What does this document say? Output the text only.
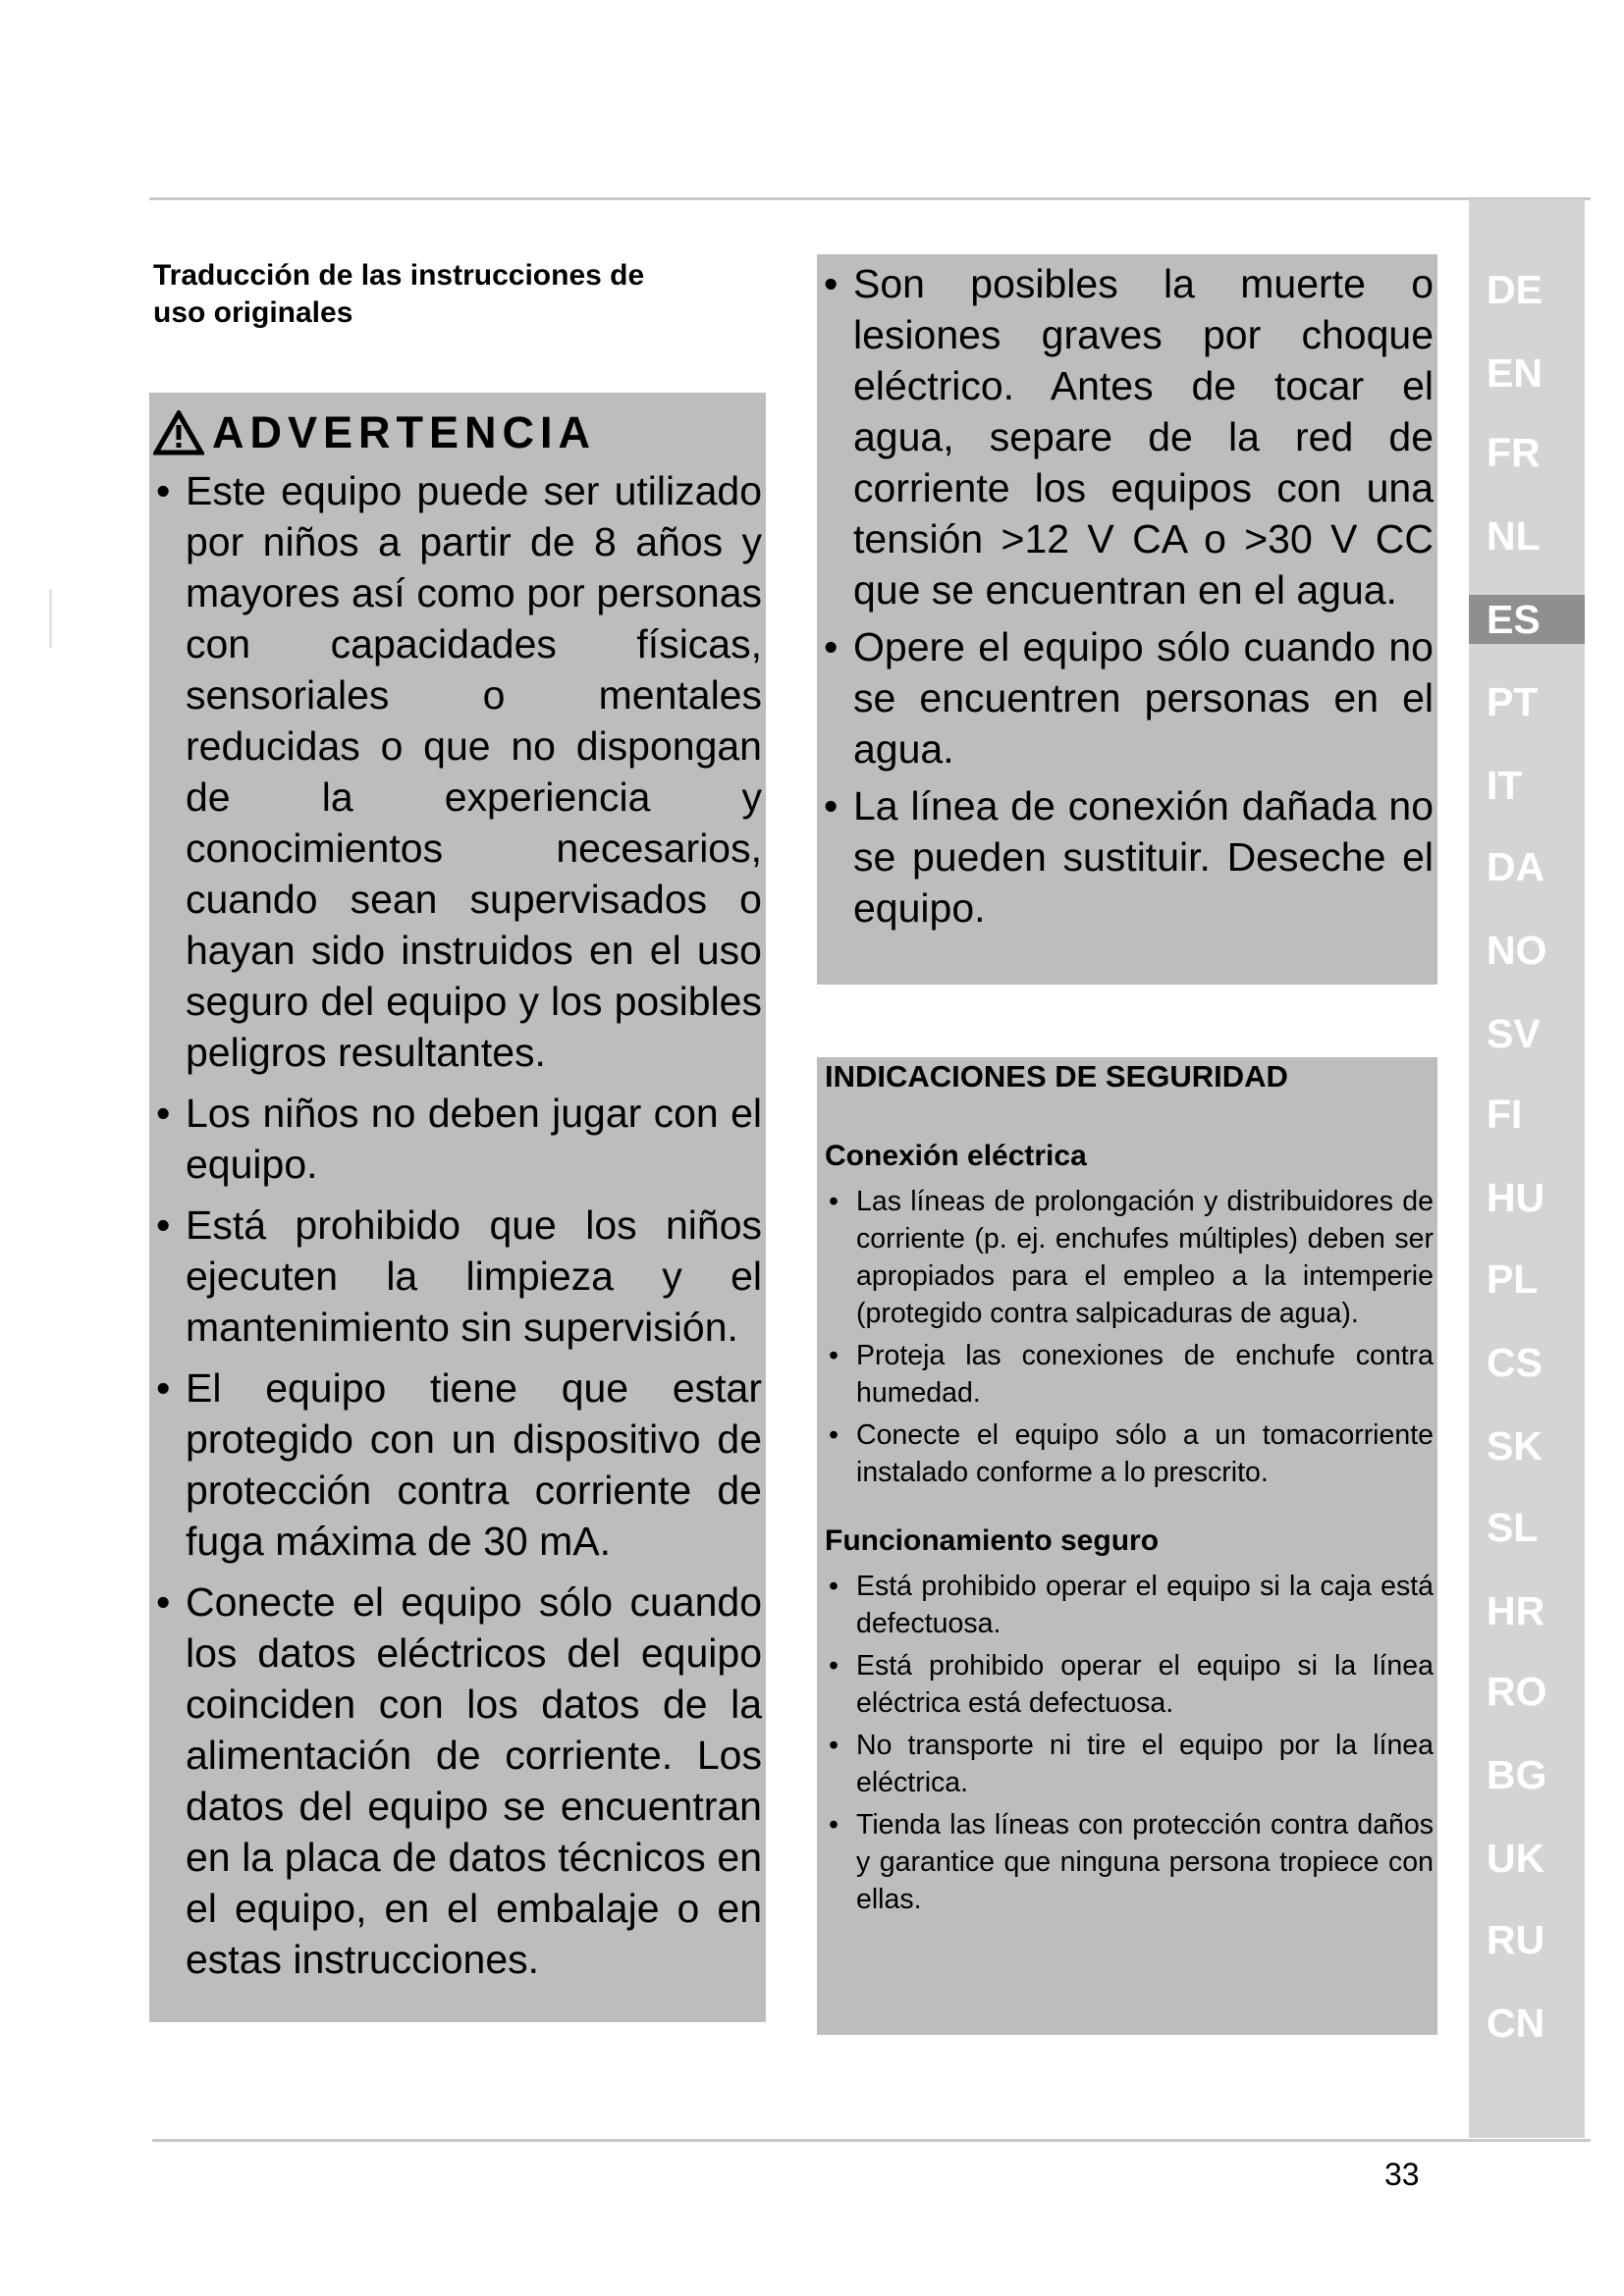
Traducción de las instrucciones de
uso originales
ADVERTENCIA
• Este equipo puede ser utilizado por niños a partir de 8 años y mayores así como por personas con capacidades físicas, sensoriales o mentales reducidas o que no dispongan de la experiencia y conocimientos necesarios, cuando sean supervisados o hayan sido instruidos en el uso seguro del equipo y los posibles peligros resultantes.
• Los niños no deben jugar con el equipo.
• Está prohibido que los niños ejecuten la limpieza y el mantenimiento sin supervisión.
• El equipo tiene que estar protegido con un dispositivo de protección contra corriente de fuga máxima de 30 mA.
• Conecte el equipo sólo cuando los datos eléctricos del equipo coinciden con los datos de la alimentación de corriente. Los datos del equipo se encuentran en la placa de datos técnicos en el equipo, en el embalaje o en estas instrucciones.
• Son posibles la muerte o lesiones graves por choque eléctrico. Antes de tocar el agua, separe de la red de corriente los equipos con una tensión >12 V CA o >30 V CC que se encuentran en el agua.
• Opere el equipo sólo cuando no se encuentren personas en el agua.
• La línea de conexión dañada no se pueden sustituir. Deseche el equipo.
INDICACIONES DE SEGURIDAD
Conexión eléctrica
• Las líneas de prolongación y distribuidores de corriente (p. ej. enchufes múltiples) deben ser apropiados para el empleo a la intemperie (protegido contra salpicaduras de agua).
• Proteja las conexiones de enchufe contra humedad.
• Conecte el equipo sólo a un tomacorriente instalado conforme a lo prescrito.
Funcionamiento seguro
• Está prohibido operar el equipo si la caja está defectuosa.
• Está prohibido operar el equipo si la línea eléctrica está defectuosa.
• No transporte ni tire el equipo por la línea eléctrica.
• Tienda las líneas con protección contra daños y garantice que ninguna persona tropiece con ellas.
DE
EN
FR
NL
ES
PT
IT
DA
NO
SV
FI
HU
PL
CS
SK
SL
HR
RO
BG
UK
RU
CN
33
